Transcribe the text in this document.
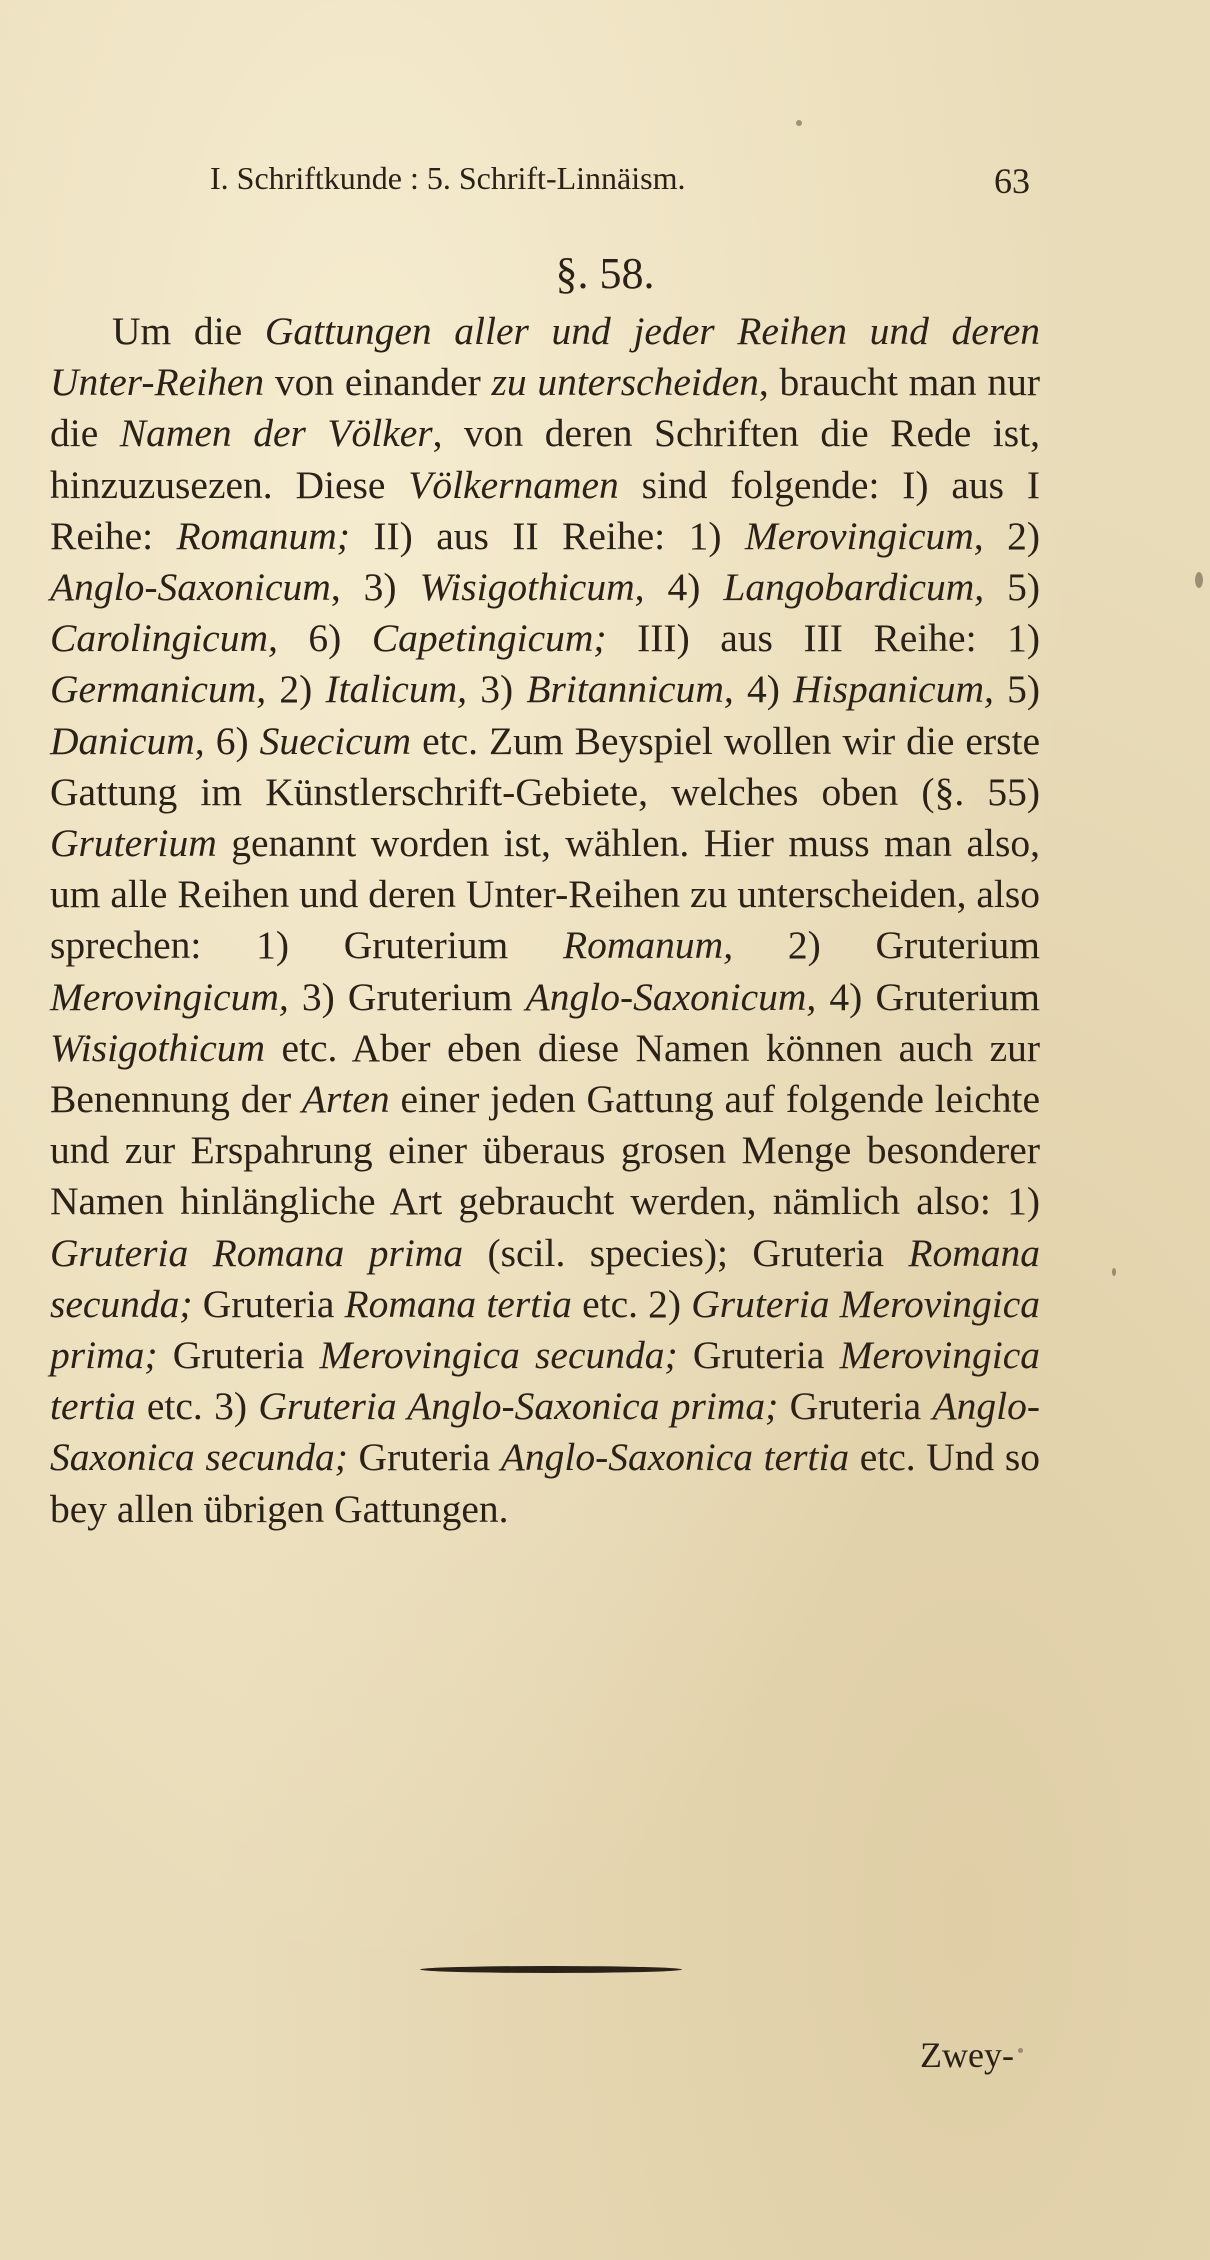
I. Schriftkunde : 5. Schrift-Linnäism.	63
§. 58.
Um die Gattungen aller und jeder Reihen und deren Unter-Reihen von einander zu unterscheiden, braucht man nur die Namen der Völker, von deren Schriften die Rede ist, hinzuzusezen. Diese Völkernamen sind folgende: I) aus I Reihe: Romanum; II) aus II Reihe: 1) Merovingicum, 2) Anglo-Saxonicum, 3) Wisigothicum, 4) Langobardicum, 5) Carolingicum, 6) Capetingicum; III) aus III Reihe: 1) Germanicum, 2) Italicum, 3) Britannicum, 4) Hispanicum, 5) Danicum, 6) Suecicum etc. Zum Beyspiel wollen wir die erste Gattung im Künstlerschrift-Gebiete, welches oben (§. 55) Gruterium genannt worden ist, wählen. Hier muss man also, um alle Reihen und deren Unter-Reihen zu unterscheiden, also sprechen: 1) Gruterium Romanum, 2) Gruterium Merovingicum, 3) Gruterium Anglo-Saxonicum, 4) Gruterium Wisigothicum etc. Aber eben diese Namen können auch zur Benennung der Arten einer jeden Gattung auf folgende leichte und zur Erspahrung einer überaus grosen Menge besonderer Namen hinlängliche Art gebraucht werden, nämlich also: 1) Gruteria Romana prima (scil. species); Gruteria Romana secunda; Gruteria Romana tertia etc. 2) Gruteria Merovingica prima; Gruteria Merovingica secunda; Gruteria Merovingica tertia etc. 3) Gruteria Anglo-Saxonica prima; Gruteria Anglo-Saxonica secunda; Gruteria Anglo-Saxonica tertia etc. Und so bey allen übrigen Gattungen.
Zwey-
